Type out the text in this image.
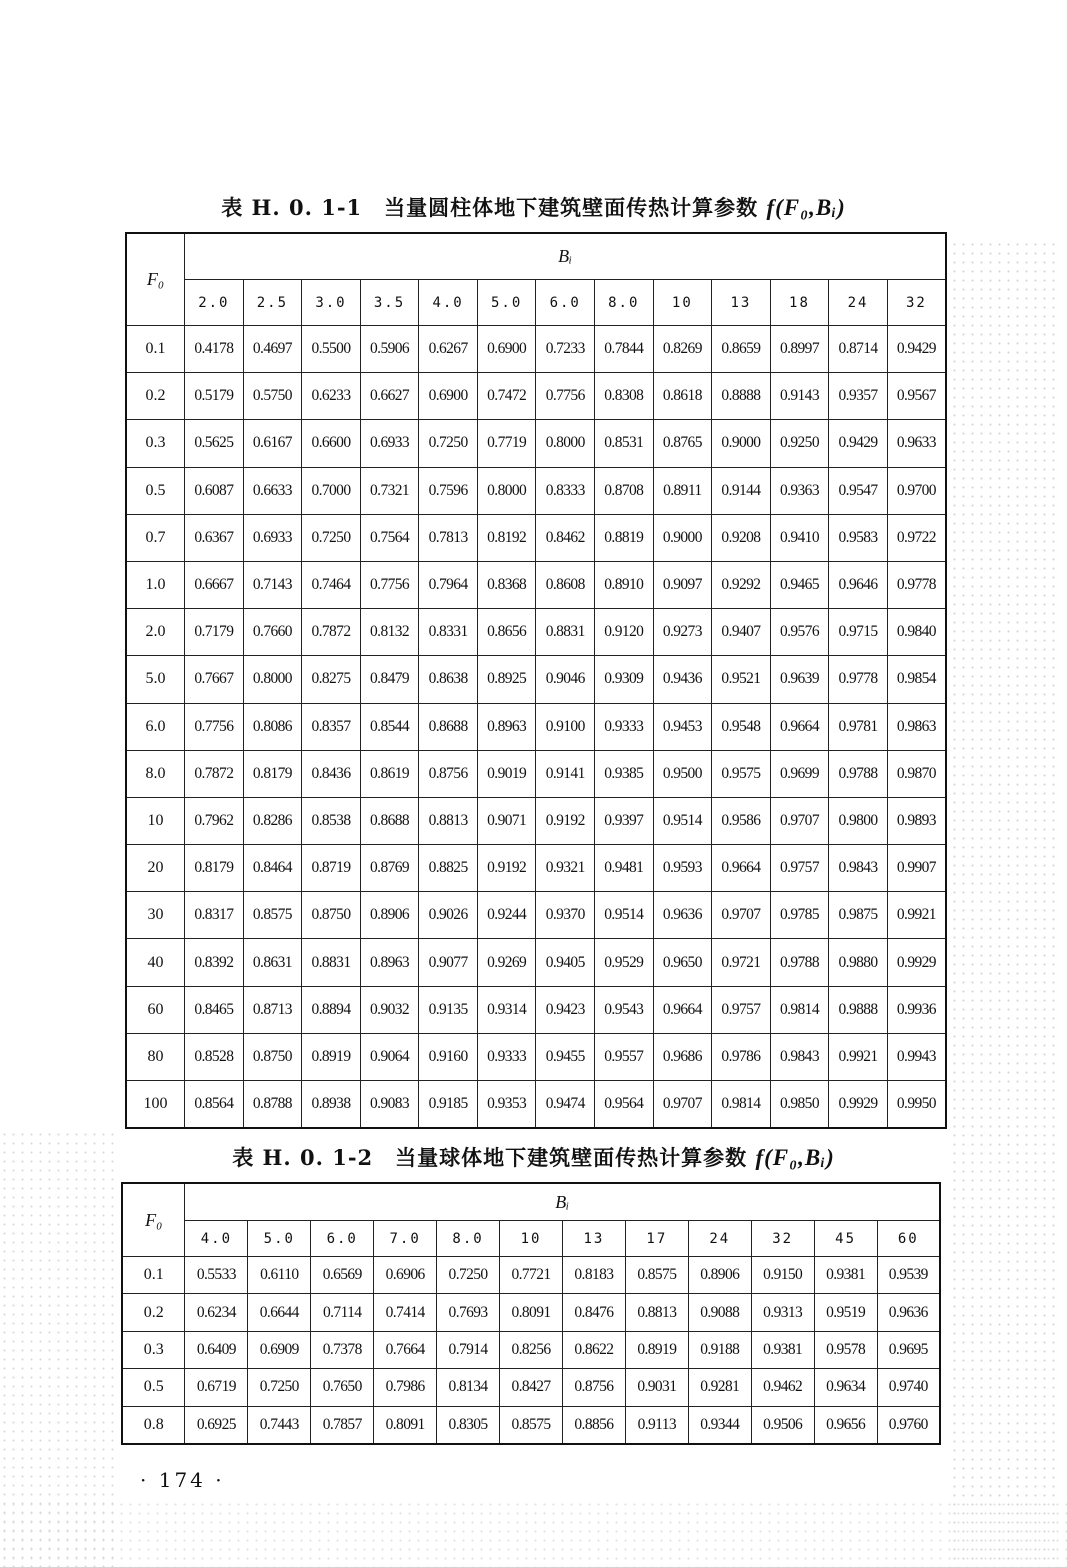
表 H. 0. 1-1 当量圆柱体地下建筑壁面传热计算参数 f(F₀,Bᵢ)
F₀	Bᵢ												
	2.0	2.5	3.0	3.5	4.0	5.0	6.0	8.0	10	13	18	24	32
0.1	0.4178	0.4697	0.5500	0.5906	0.6267	0.6900	0.7233	0.7844	0.8269	0.8659	0.8997	0.8714	0.9429
0.2	0.5179	0.5750	0.6233	0.6627	0.6900	0.7472	0.7756	0.8308	0.8618	0.8888	0.9143	0.9357	0.9567
0.3	0.5625	0.6167	0.6600	0.6933	0.7250	0.7719	0.8000	0.8531	0.8765	0.9000	0.9250	0.9429	0.9633
0.5	0.6087	0.6633	0.7000	0.7321	0.7596	0.8000	0.8333	0.8708	0.8911	0.9144	0.9363	0.9547	0.9700
0.7	0.6367	0.6933	0.7250	0.7564	0.7813	0.8192	0.8462	0.8819	0.9000	0.9208	0.9410	0.9583	0.9722
1.0	0.6667	0.7143	0.7464	0.7756	0.7964	0.8368	0.8608	0.8910	0.9097	0.9292	0.9465	0.9646	0.9778
2.0	0.7179	0.7660	0.7872	0.8132	0.8331	0.8656	0.8831	0.9120	0.9273	0.9407	0.9576	0.9715	0.9840
5.0	0.7667	0.8000	0.8275	0.8479	0.8638	0.8925	0.9046	0.9309	0.9436	0.9521	0.9639	0.9778	0.9854
6.0	0.7756	0.8086	0.8357	0.8544	0.8688	0.8963	0.9100	0.9333	0.9453	0.9548	0.9664	0.9781	0.9863
8.0	0.7872	0.8179	0.8436	0.8619	0.8756	0.9019	0.9141	0.9385	0.9500	0.9575	0.9699	0.9788	0.9870
10	0.7962	0.8286	0.8538	0.8688	0.8813	0.9071	0.9192	0.9397	0.9514	0.9586	0.9707	0.9800	0.9893
20	0.8179	0.8464	0.8719	0.8769	0.8825	0.9192	0.9321	0.9481	0.9593	0.9664	0.9757	0.9843	0.9907
30	0.8317	0.8575	0.8750	0.8906	0.9026	0.9244	0.9370	0.9514	0.9636	0.9707	0.9785	0.9875	0.9921
40	0.8392	0.8631	0.8831	0.8963	0.9077	0.9269	0.9405	0.9529	0.9650	0.9721	0.9788	0.9880	0.9929
60	0.8465	0.8713	0.8894	0.9032	0.9135	0.9314	0.9423	0.9543	0.9664	0.9757	0.9814	0.9888	0.9936
80	0.8528	0.8750	0.8919	0.9064	0.9160	0.9333	0.9455	0.9557	0.9686	0.9786	0.9843	0.9921	0.9943
100	0.8564	0.8788	0.8938	0.9083	0.9185	0.9353	0.9474	0.9564	0.9707	0.9814	0.9850	0.9929	0.9950
表 H. 0. 1-2 当量球体地下建筑壁面传热计算参数 f(F₀,Bᵢ)
F₀	Bᵢ											
	4.0	5.0	6.0	7.0	8.0	10	13	17	24	32	45	60
0.1	0.5533	0.6110	0.6569	0.6906	0.7250	0.7721	0.8183	0.8575	0.8906	0.9150	0.9381	0.9539
0.2	0.6234	0.6644	0.7114	0.7414	0.7693	0.8091	0.8476	0.8813	0.9088	0.9313	0.9519	0.9636
0.3	0.6409	0.6909	0.7378	0.7664	0.7914	0.8256	0.8622	0.8919	0.9188	0.9381	0.9578	0.9695
0.5	0.6719	0.7250	0.7650	0.7986	0.8134	0.8427	0.8756	0.9031	0.9281	0.9462	0.9634	0.9740
0.8	0.6925	0.7443	0.7857	0.8091	0.8305	0.8575	0.8856	0.9113	0.9344	0.9506	0.9656	0.9760
· 174 ·
